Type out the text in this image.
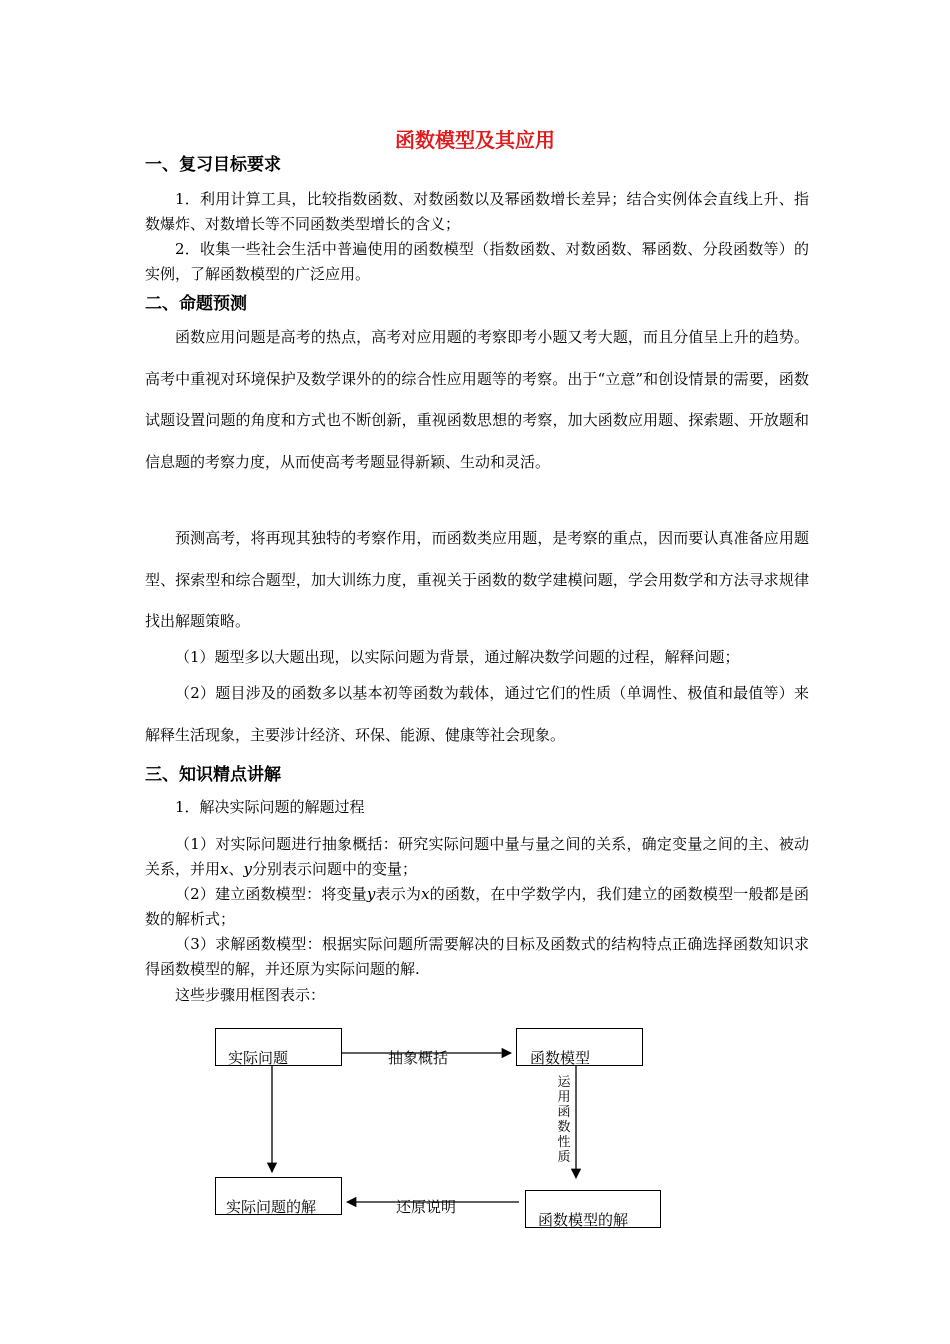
函数模型及其应用
一、复习目标要求

1．利用计算工具，比较指数函数、对数函数以及幂函数增长差异；结合实例体会直线上升、指数爆炸、对数增长等不同函数类型增长的含义；

2．收集一些社会生活中普遍使用的函数模型（指数函数、对数函数、幂函数、分段函数等）的实例，了解函数模型的广泛应用。

二、命题预测

函数应用问题是高考的热点，高考对应用题的考察即考小题又考大题，而且分值呈上升的趋势。高考中重视对环境保护及数学课外的的综合性应用题等的考察。出于“立意”和创设情景的需要，函数试题设置问题的角度和方式也不断创新，重视函数思想的考察，加大函数应用题、探索题、开放题和信息题的考察力度，从而使高考考题显得新颖、生动和灵活。

预测高考，将再现其独特的考察作用，而函数类应用题，是考察的重点，因而要认真准备应用题型、探索型和综合题型，加大训练力度，重视关于函数的数学建模问题，学会用数学和方法寻求规律找出解题策略。

（1）题型多以大题出现，以实际问题为背景，通过解决数学问题的过程，解释问题；

（2）题目涉及的函数多以基本初等函数为载体，通过它们的性质（单调性、极值和最值等）来解释生活现象，主要涉计经济、环保、能源、健康等社会现象。

三、知识精点讲解
1．解决实际问题的解题过程

（1）对实际问题进行抽象概括：研究实际问题中量与量之间的关系，确定变量之间的主、被动关系，并用x、y分别表示问题中的变量；

（2）建立函数模型：将变量y表示为x的函数，在中学数学内，我们建立的函数模型一般都是函数的解析式；

（3）求解函数模型：根据实际问题所需要解决的目标及函数式的结构特点正确选择函数知识求得函数模型的解，并还原为实际问题的解.

这些步骤用框图表示：
实际问题	函数模型
实际问题的解
函数模型的解
抽象概括
运用函数性质
还原说明
